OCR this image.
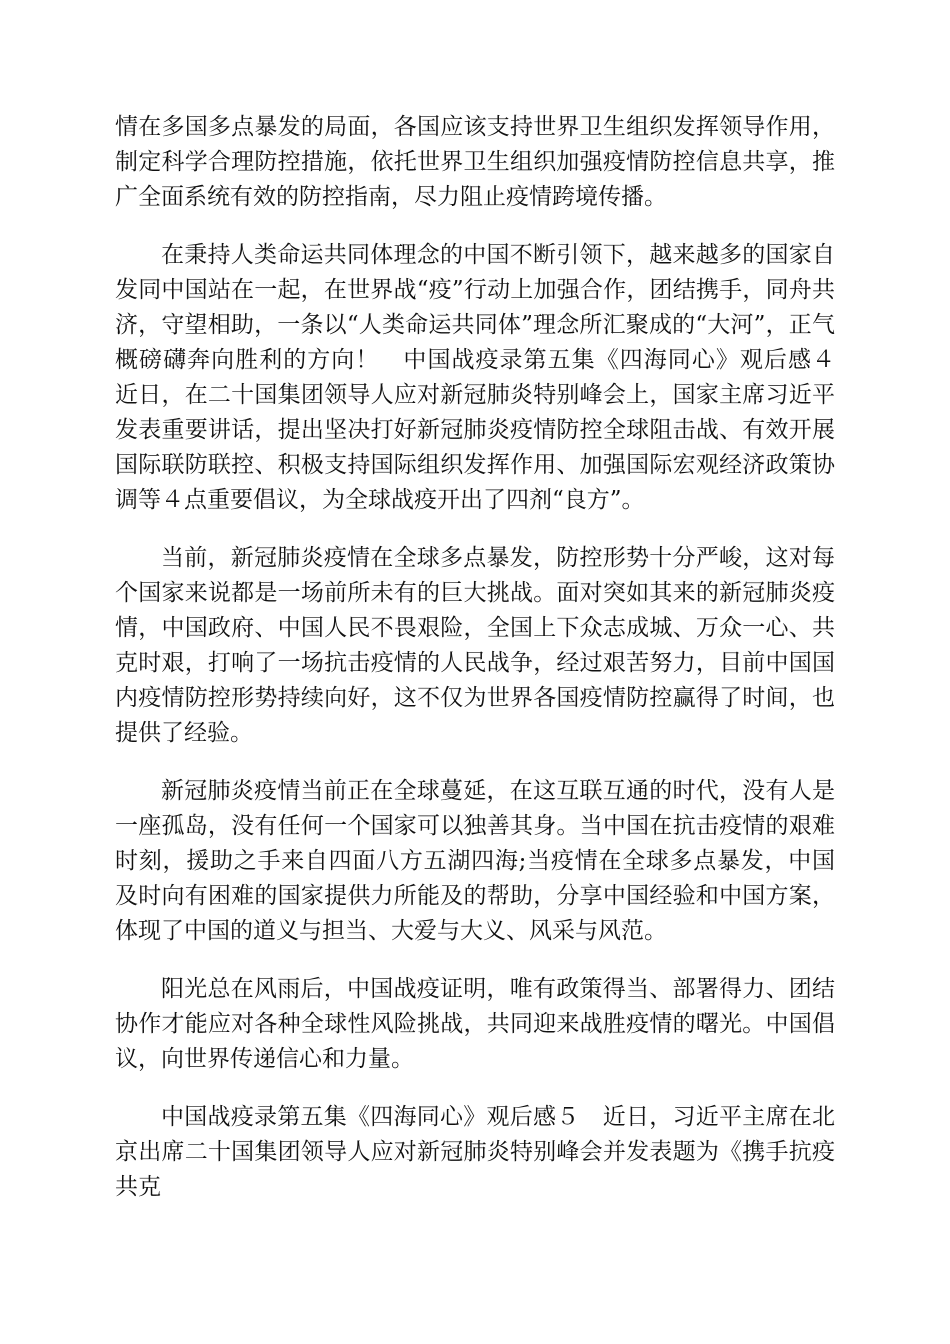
情在多国多点暴发的局面，各国应该支持世界卫生组织发挥领导作用，制定科学合理防控措施，依托世界卫生组织加强疫情防控信息共享，推广全面系统有效的防控指南，尽力阻止疫情跨境传播。

在秉持人类命运共同体理念的中国不断引领下，越来越多的国家自发同中国站在一起，在世界战“疫”行动上加强合作，团结携手，同舟共济，守望相助，一条以“人类命运共同体”理念所汇聚成的“大河”，正气概磅礴奔向胜利的方向！　中国战疫录第五集《四海同心》观后感４　近日，在二十国集团领导人应对新冠肺炎特别峰会上，国家主席习近平发表重要讲话，提出坚决打好新冠肺炎疫情防控全球阻击战、有效开展国际联防联控、积极支持国际组织发挥作用、加强国际宏观经济政策协调等４点重要倡议，为全球战疫开出了四剂“良方”。

当前，新冠肺炎疫情在全球多点暴发，防控形势十分严峻，这对每个国家来说都是一场前所未有的巨大挑战。面对突如其来的新冠肺炎疫情，中国政府、中国人民不畏艰险，全国上下众志成城、万众一心、共克时艰，打响了一场抗击疫情的人民战争，经过艰苦努力，目前中国国内疫情防控形势持续向好，这不仅为世界各国疫情防控赢得了时间，也提供了经验。

新冠肺炎疫情当前正在全球蔓延，在这互联互通的时代，没有人是一座孤岛，没有任何一个国家可以独善其身。当中国在抗击疫情的艰难时刻，援助之手来自四面八方五湖四海;当疫情在全球多点暴发，中国及时向有困难的国家提供力所能及的帮助，分享中国经验和中国方案，体现了中国的道义与担当、大爱与大义、风采与风范。

阳光总在风雨后，中国战疫证明，唯有政策得当、部署得力、团结协作才能应对各种全球性风险挑战，共同迎来战胜疫情的曙光。中国倡议，向世界传递信心和力量。

中国战疫录第五集《四海同心》观后感５　近日，习近平主席在北京出席二十国集团领导人应对新冠肺炎特别峰会并发表题为《携手抗疫共克
